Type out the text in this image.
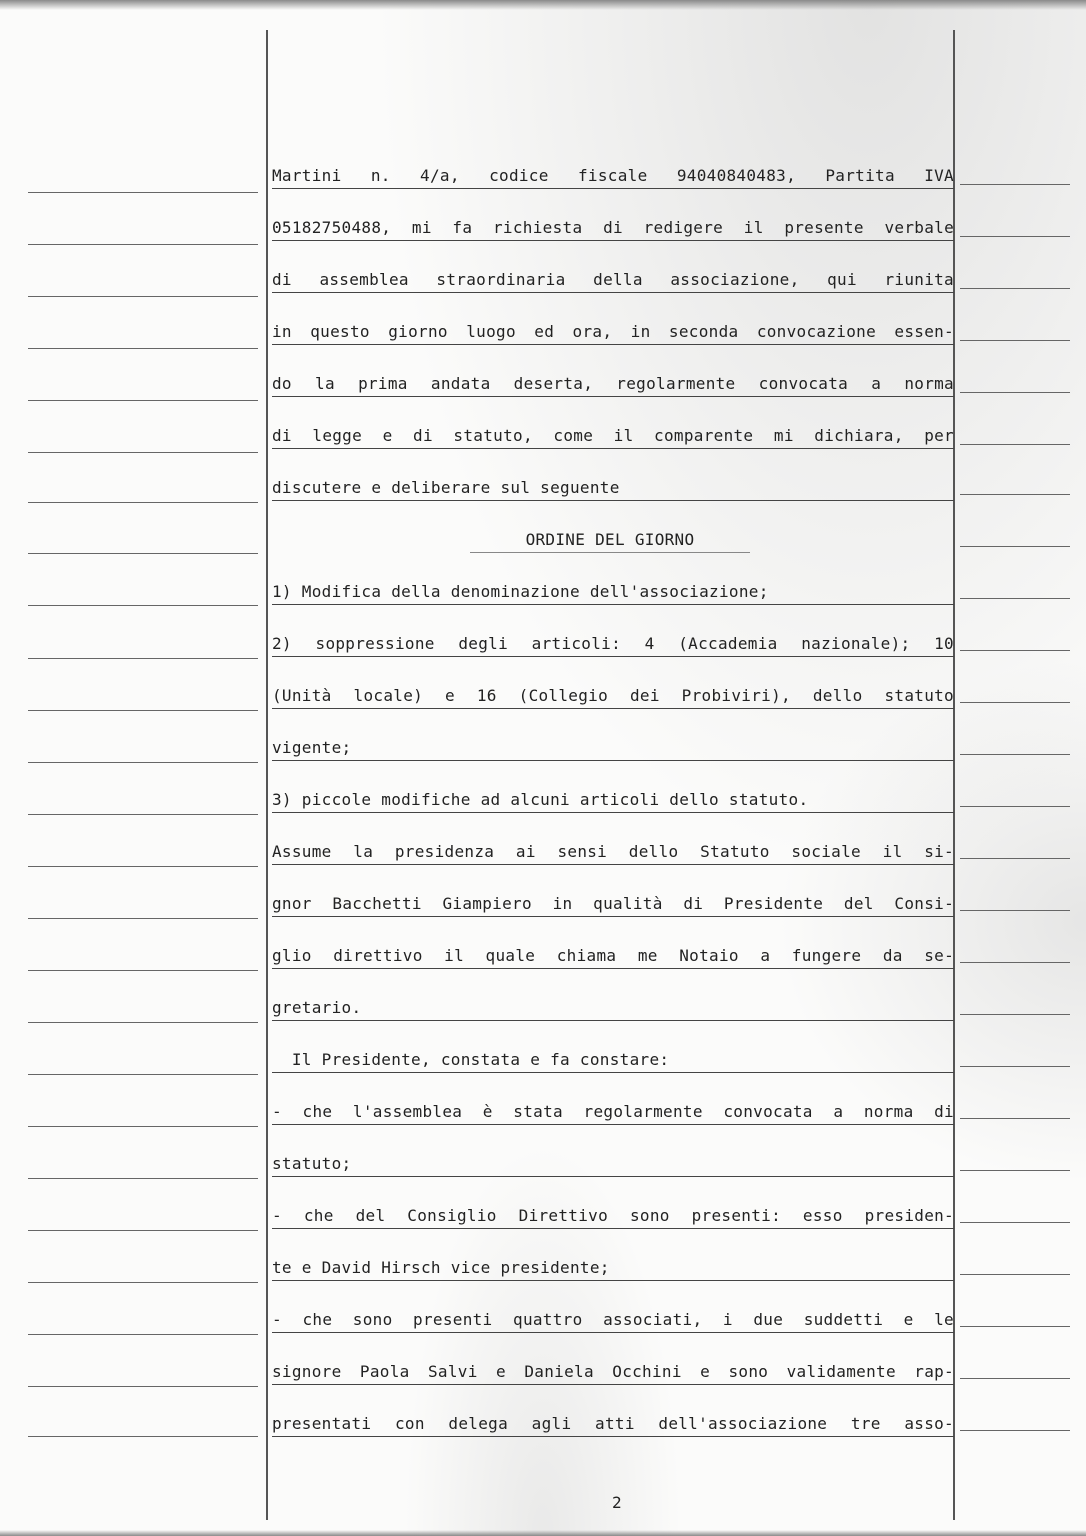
Martini n. 4/a, codice fiscale 94040840483, Partita IVA
05182750488, mi fa richiesta di redigere il presente verbale
di assemblea straordinaria della associazione, qui riunita
in questo giorno luogo ed ora, in seconda convocazione essen-
do la prima andata deserta, regolarmente convocata a norma
di legge e di statuto, come il comparente mi dichiara, per
discutere e deliberare sul seguente
ORDINE DEL GIORNO
1) Modifica della denominazione dell'associazione;
2) soppressione degli articoli: 4 (Accademia nazionale); 10
(Unità locale) e 16 (Collegio dei Probiviri), dello statuto
vigente;
3) piccole modifiche ad alcuni articoli dello statuto.
Assume la presidenza ai sensi dello Statuto sociale il si-
gnor Bacchetti Giampiero in qualità di Presidente del Consi-
glio direttivo il quale chiama me Notaio a fungere da se-
gretario.
Il Presidente, constata e fa constare:
- che l'assemblea è stata regolarmente convocata a norma di
statuto;
- che del Consiglio Direttivo sono presenti: esso presiden-
te e David Hirsch vice presidente;
- che sono presenti quattro associati, i due suddetti e le
signore Paola Salvi e Daniela Occhini e sono validamente rap-
presentati con delega agli atti dell'associazione tre asso-
2
